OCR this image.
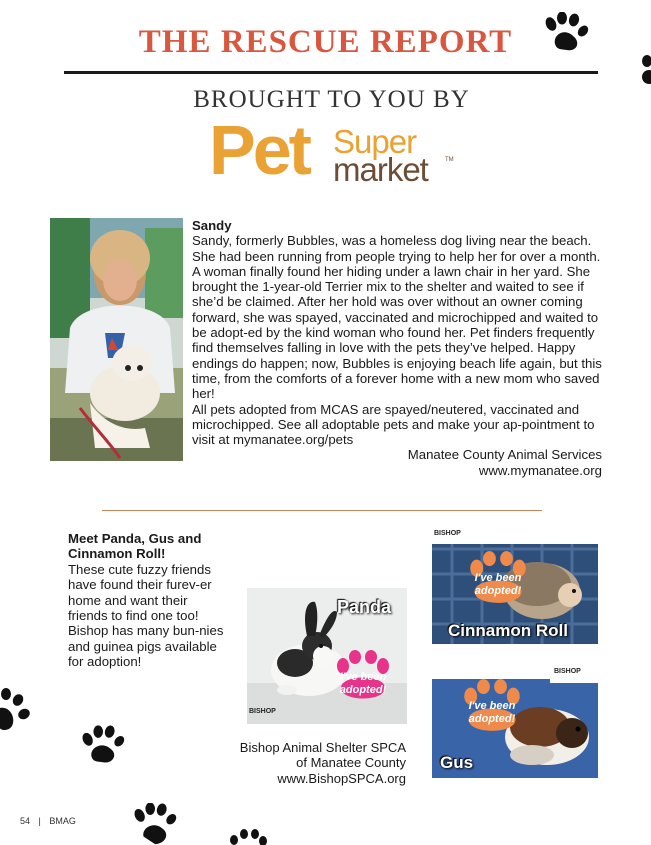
THE RESCUE REPORT
BROUGHT TO YOU BY
Pet Super
market	TM

Sandy

Sandy, formerly Bubbles, was a homeless dog living near the beach. She had been running from people trying to help her for over a month. A woman finally found her hiding under a lawn chair in her yard. She brought the 1-year-old Terrier mix to the shelter and waited to see if she’d be claimed. After her hold was over without an owner coming forward, she was spayed, vaccinated and microchipped and waited to be adopt-ed by the kind woman who found her. Pet finders frequently find themselves falling in love with the pets they’ve helped. Happy endings do happen; now, Bubbles is enjoying beach life again, but this time, from the comforts of a forever home with a new mom who saved her!

All pets adopted from MCAS are spayed/neutered, vaccinated and microchipped. See all adoptable pets and make your ap-pointment to visit at mymanatee.org/pets

Manatee County Animal Services

www.mymanatee.org

Meet Panda, Gus and Cinnamon Roll!

These cute fuzzy friends have found their furev-er home and want their friends to find one too! Bishop has many bun-nies and guinea pigs available for adoption!

Panda
I've been adopted!
BISHOP
BISHOP
I've been adopted!
Cinnamon Roll
BISHOP
I've been adopted!
Gus

Bishop Animal Shelter SPCA

of Manatee County

www.BishopSPCA.org

54 | BMAG
